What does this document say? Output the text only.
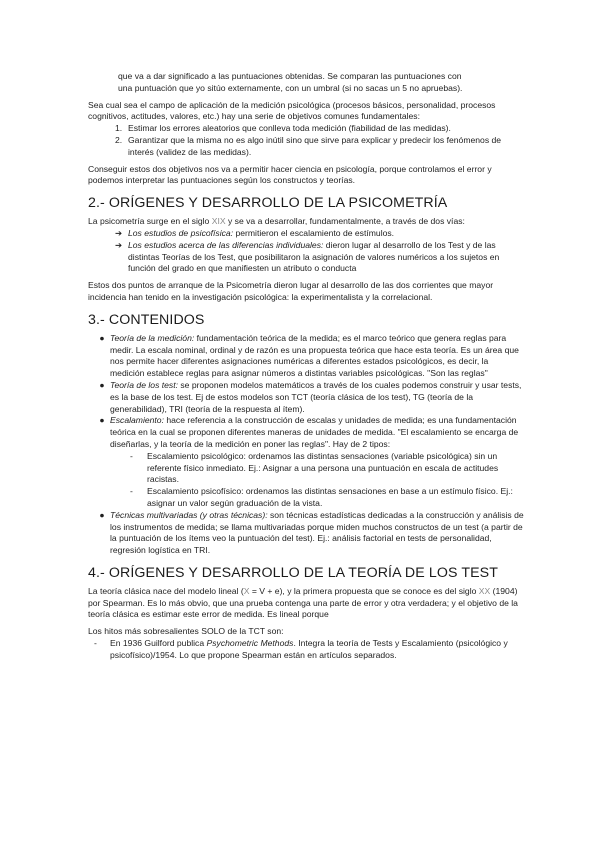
que va a dar significado a las puntuaciones obtenidas. Se comparan las puntuaciones con

una puntuación que yo sitúo externamente, con un umbral (si no sacas un 5 no apruebas).

Sea cual sea el campo de aplicación de la medición psicológica (procesos básicos, personalidad, procesos cognitivos, actitudes, valores, etc.) hay una serie de objetivos comunes fundamentales:

1. Estimar los errores aleatorios que conlleva toda medición (fiabilidad de las medidas).
2. Garantizar que la misma no es algo inútil sino que sirve para explicar y predecir los fenómenos de interés (validez de las medidas).

Conseguir estos dos objetivos nos va a permitir hacer ciencia en psicología, porque controlamos el error y podemos interpretar las puntuaciones según los constructos y teorías.

2.- ORÍGENES Y DESARROLLO DE LA PSICOMETRÍA

La psicometría surge en el siglo XIX y se va a desarrollar, fundamentalmente, a través de dos vías:

➔ Los estudios de psicofísica: permitieron el escalamiento de estímulos.
➔ Los estudios acerca de las diferencias individuales: dieron lugar al desarrollo de los Test y de las distintas Teorías de los Test, que posibilitaron la asignación de valores numéricos a los sujetos en función del grado en que manifiesten un atributo o conducta

Estos dos puntos de arranque de la Psicometría dieron lugar al desarrollo de las dos corrientes que mayor incidencia han tenido en la investigación psicológica: la experimentalista y la correlacional.

3.- CONTENIDOS
● Teoría de la medición: fundamentación teórica de la medida; es el marco teórico que genera reglas para medir. La escala nominal, ordinal y de razón es una propuesta teórica que hace esta teoría. Es un área que nos permite hacer diferentes asignaciones numéricas a diferentes estados psicológicos, es decir, la medición establece reglas para asignar números a distintas variables psicológicas. "Son las reglas"
● Teoría de los test: se proponen modelos matemáticos a través de los cuales podemos construir y usar tests, es la base de los test. Ej de estos modelos son TCT (teoría clásica de los test), TG (teoría de la generabilidad), TRI (teoría de la respuesta al ítem).
● Escalamiento: hace referencia a la construcción de escalas y unidades de medida; es una fundamentación teórica en la cual se proponen diferentes maneras de unidades de medida. "El escalamiento se encarga de diseñarlas, y la teoría de la medición en poner las reglas". Hay de 2 tipos:
-	Escalamiento psicológico: ordenamos las distintas sensaciones (variable psicológica) sin un referente físico inmediato. Ej.: Asignar a una persona una puntuación en escala de actitudes racistas.
-	Escalamiento psicofísico: ordenamos las distintas sensaciones en base a un estímulo físico. Ej.: asignar un valor según graduación de la vista.
● Técnicas multivariadas (y otras técnicas): son técnicas estadísticas dedicadas a la construcción y análisis de los instrumentos de medida; se llama multivariadas porque miden muchos constructos de un test (a partir de la puntuación de los ítems veo la puntuación del test). Ej.: análisis factorial en tests de personalidad, regresión logística en TRI.
4.- ORÍGENES Y DESARROLLO DE LA TEORÍA DE LOS TEST

La teoría clásica nace del modelo lineal (X = V + e), y la primera propuesta que se conoce es del siglo XX (1904) por Spearman. Es lo más obvio, que una prueba contenga una parte de error y otra verdadera; y el objetivo de la teoría clásica es estimar este error de medida. Es lineal porque

Los hitos más sobresalientes SOLO de la TCT son:

-	En 1936 Guilford publica Psychometric Methods. Integra la teoría de Tests y Escalamiento (psicológico y psicofísico)/1954. Lo que propone Spearman están en artículos separados.
